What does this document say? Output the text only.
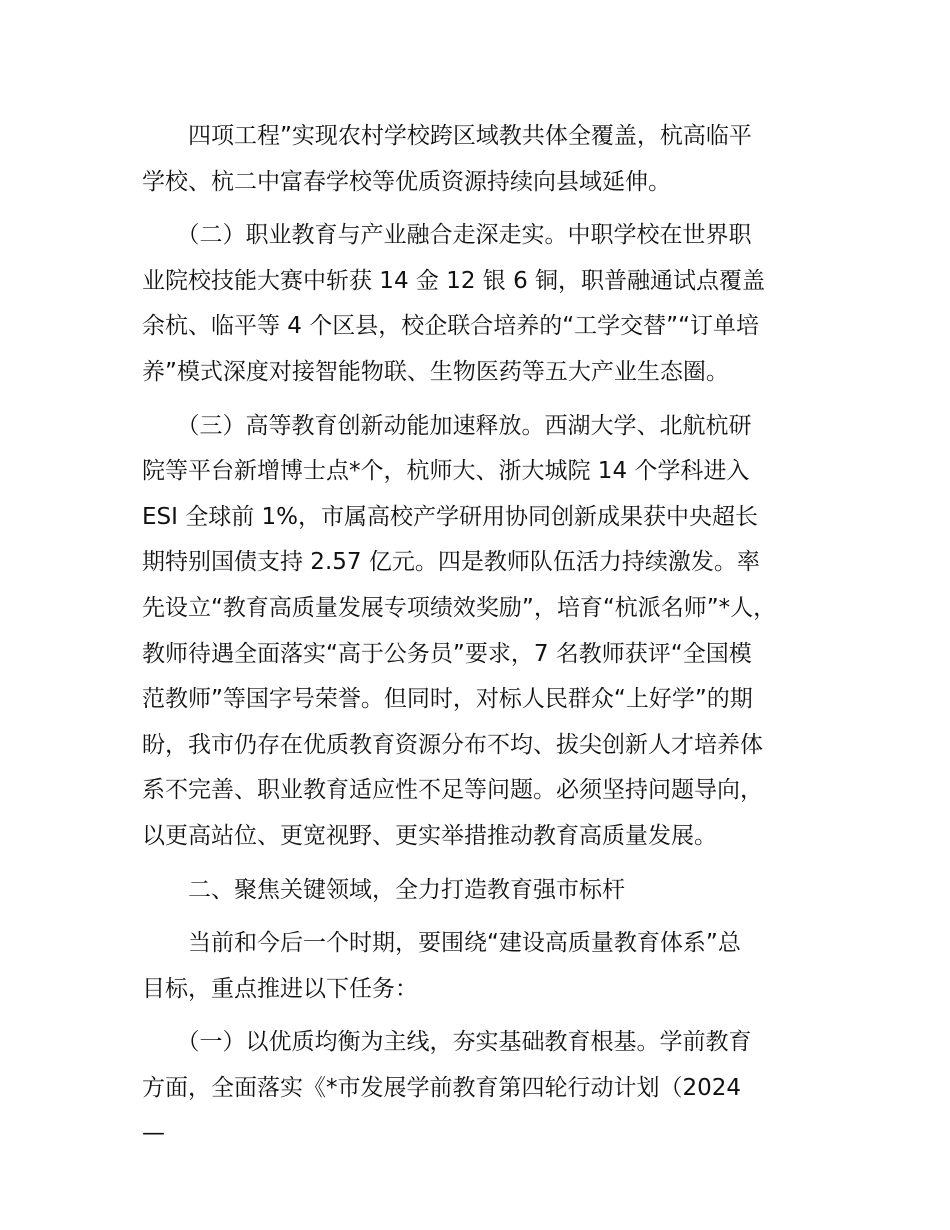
　　四项工程”实现农村学校跨区域教共体全覆盖，杭高临平
学校、杭二中富春学校等优质资源持续向县域延伸。
　　（二）职业教育与产业融合走深走实。中职学校在世界职
业院校技能大赛中斩获 14 金 12 银 6 铜，职普融通试点覆盖
余杭、临平等 4 个区县，校企联合培养的“工学交替”“订单培
养”模式深度对接智能物联、生物医药等五大产业生态圈。
　　（三）高等教育创新动能加速释放。西湖大学、北航杭研
院等平台新增博士点*个，杭师大、浙大城院 14 个学科进入
ESI 全球前 1%，市属高校产学研用协同创新成果获中央超长
期特别国债支持 2.57 亿元。四是教师队伍活力持续激发。率
先设立“教育高质量发展专项绩效奖励”，培育“杭派名师”*人，
教师待遇全面落实“高于公务员”要求，7 名教师获评“全国模
范教师”等国字号荣誉。但同时，对标人民群众“上好学”的期
盼，我市仍存在优质教育资源分布不均、拔尖创新人才培养体
系不完善、职业教育适应性不足等问题。必须坚持问题导向，
以更高站位、更宽视野、更实举措推动教育高质量发展。
　　二、聚焦关键领域，全力打造教育强市标杆
　　当前和今后一个时期，要围绕“建设高质量教育体系”总
目标，重点推进以下任务：
　　（一）以优质均衡为主线，夯实基础教育根基。学前教育
方面，全面落实《*市发展学前教育第四轮行动计划（2024
—
